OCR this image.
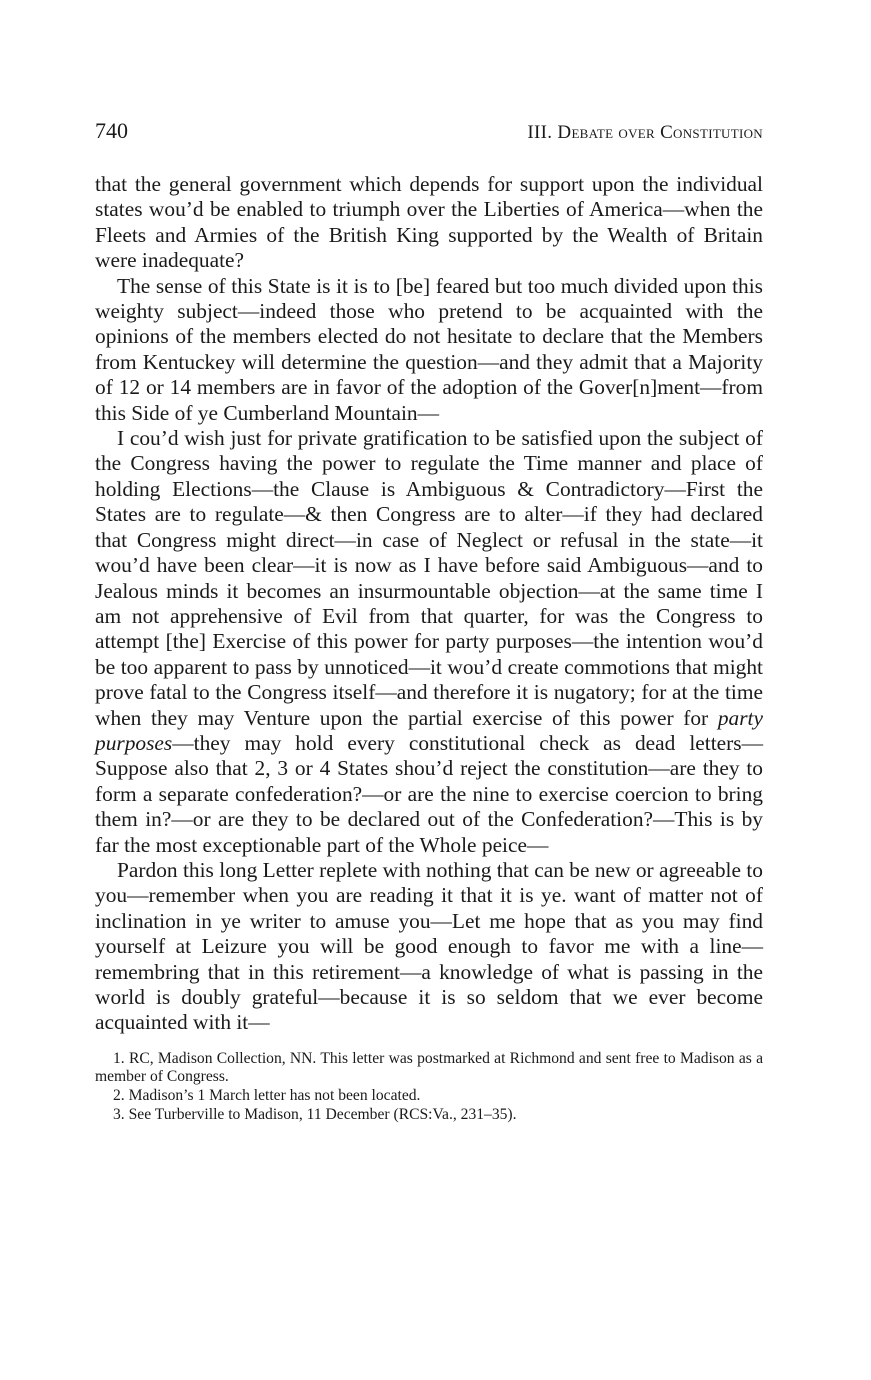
740	III. Debate over Constitution

that the general government which depends for support upon the individual states wou’d be enabled to triumph over the Liberties of America—when the Fleets and Armies of the British King supported by the Wealth of Britain were inadequate?

The sense of this State is it is to [be] feared but too much divided upon this weighty subject—indeed those who pretend to be acquainted with the opinions of the members elected do not hesitate to declare that the Members from Kentuckey will determine the question—and they admit that a Majority of 12 or 14 members are in favor of the adoption of the Gover[n]ment—from this Side of ye Cumberland Mountain—

I cou’d wish just for private gratification to be satisfied upon the subject of the Congress having the power to regulate the Time manner and place of holding Elections—the Clause is Ambiguous & Contradictory—First the States are to regulate—& then Congress are to alter—if they had declared that Congress might direct—in case of Neglect or refusal in the state—it wou’d have been clear—it is now as I have before said Ambiguous—and to Jealous minds it becomes an insurmountable objection—at the same time I am not apprehensive of Evil from that quarter, for was the Congress to attempt [the] Exercise of this power for party purposes—the intention wou’d be too apparent to pass by unnoticed—it wou’d create commotions that might prove fatal to the Congress itself—and therefore it is nugatory; for at the time when they may Venture upon the partial exercise of this power for party purposes—they may hold every constitutional check as dead letters—Suppose also that 2, 3 or 4 States shou’d reject the constitution—are they to form a separate confederation?—or are the nine to exercise coercion to bring them in?—or are they to be declared out of the Confederation?—This is by far the most exceptionable part of the Whole peice—

Pardon this long Letter replete with nothing that can be new or agreeable to you—remember when you are reading it that it is ye. want of matter not of inclination in ye writer to amuse you—Let me hope that as you may find yourself at Leizure you will be good enough to favor me with a line—remembring that in this retirement—a knowledge of what is passing in the world is doubly grateful—because it is so seldom that we ever become acquainted with it—

1. RC, Madison Collection, NN. This letter was postmarked at Richmond and sent free to Madison as a member of Congress.

2. Madison’s 1 March letter has not been located.

3. See Turberville to Madison, 11 December (RCS:Va., 231–35).
